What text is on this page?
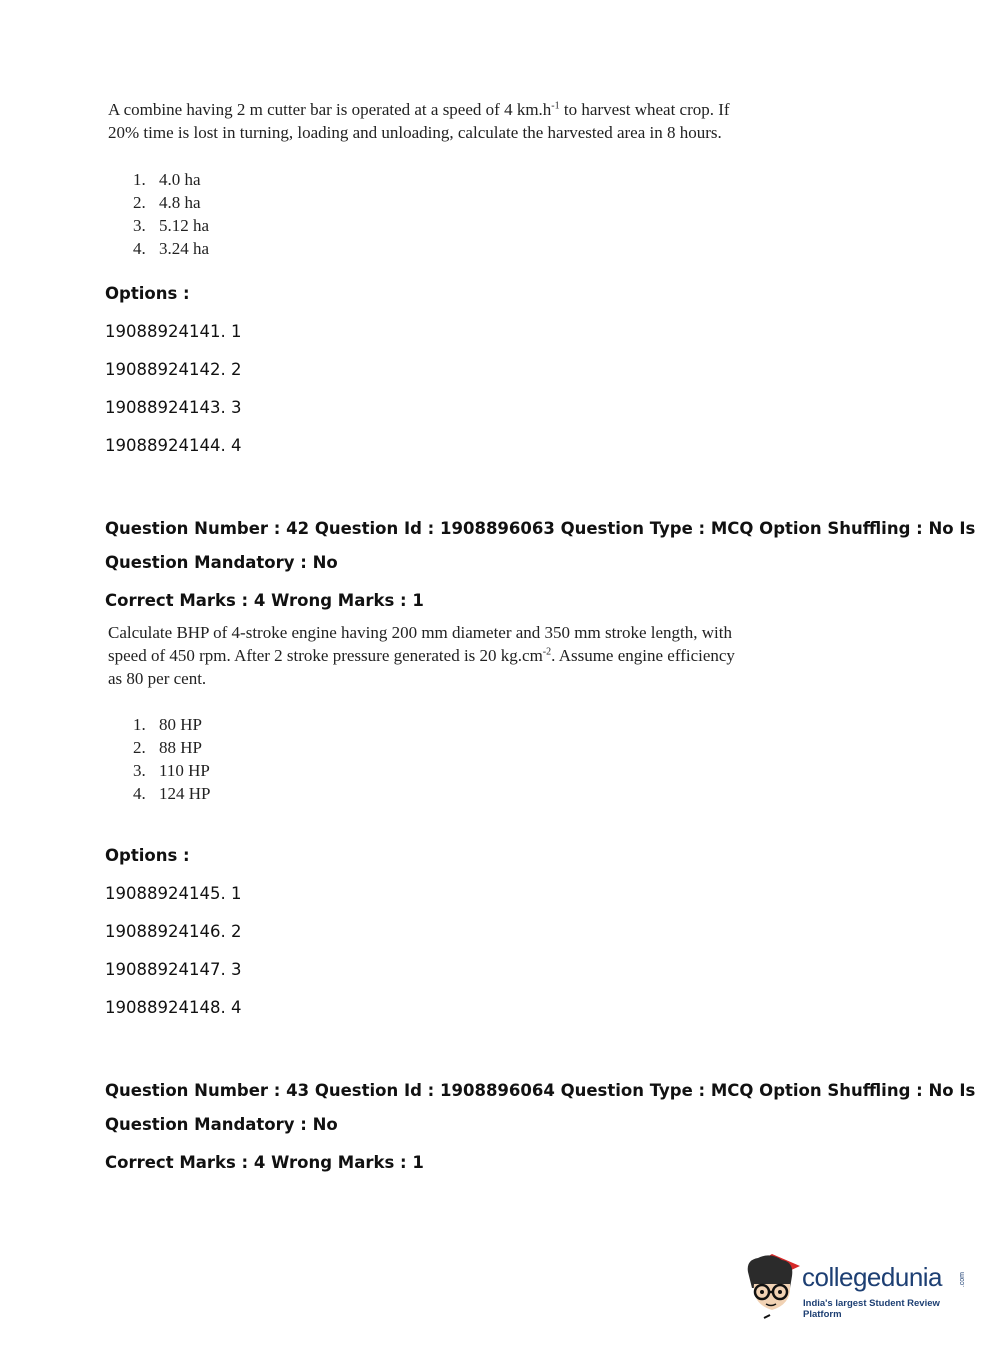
A combine having 2 m cutter bar is operated at a speed of 4 $km.h^{-1}$ to harvest wheat crop. If 20% time is lost in turning, loading and unloading, calculate the harvested area in 8 hours.
1. 4.0 ha
2. 4.8 ha
3. 5.12 ha
4. 3.24 ha
Options :
19088924141. 1
19088924142. 2
19088924143. 3
19088924144. 4
Question Number : 42 Question Id : 1908896063 Question Type : MCQ Option Shuffling : No Is
Question Mandatory : No
Correct Marks : 4 Wrong Marks : 1
Calculate BHP of 4-stroke engine having 200 mm diameter and 350 mm stroke length, with speed of 450 rpm. After 2 stroke pressure generated is 20 $kg.cm^{-2}$. Assume engine efficiency as 80 per cent.
1. 80 HP
2. 88 HP
3. 110 HP
4. 124 HP
Options :
19088924145. 1
19088924146. 2
19088924147. 3
19088924148. 4
Question Number : 43 Question Id : 1908896064 Question Type : MCQ Option Shuffling : No Is
Question Mandatory : No
Correct Marks : 4 Wrong Marks : 1
collegedunia .com
India's largest Student Review Platform
